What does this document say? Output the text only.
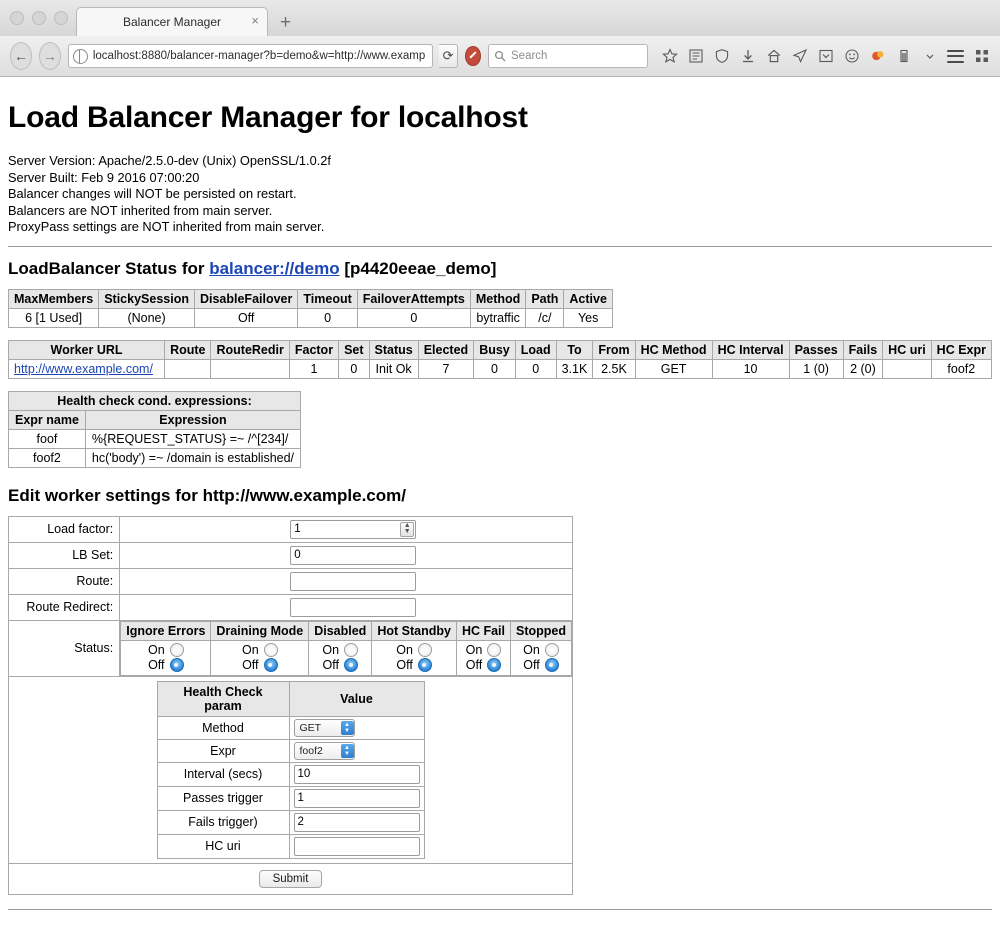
Balancer Manager × +
← →	localhost:8880/balancer-manager?b=demo&w=http://www.examp ⟳	Search
Load Balancer Manager for localhost
Server Version: Apache/2.5.0-dev (Unix) OpenSSL/1.0.2f
Server Built: Feb 9 2016 07:00:20
Balancer changes will NOT be persisted on restart.
Balancers are NOT inherited from main server.
ProxyPass settings are NOT inherited from main server.
LoadBalancer Status for balancer://demo [p4420eeae_demo]
MaxMembers	StickySession	DisableFailover	Timeout	FailoverAttempts	Method	Path	Active
6 [1 Used]	(None)	Off	0	0	bytraffic	/c/	Yes
Worker URL	Route	RouteRedir	Factor	Set	Status	Elected	Busy	Load	To	From	HC Method	HC Interval	Passes	Fails	HC uri	HC Expr
http://www.example.com/			1	0	Init Ok	7	0	0	3.1K	2.5K	GET	10	1 (0)	2 (0)		foof2
Health check cond. expressions:	
Expr name	Expression
foof	%{REQUEST_STATUS} =~ /^[234]/
foof2	hc('body') =~ /domain is established/
Edit worker settings for http://www.example.com/
Load factor:	1▲
▼

LB Set:	0
Route:	
Route Redirect:	
Status:	
Ignore Errors	Draining Mode	Disabled	Hot Standby	HC Fail	Stopped

On
Off

On
Off

On
Off

On
Off

On
Off

On
Off

Health Check param	Value
Method	GET	▲
▼

Expr	foof2	▲
▼

Interval (secs)	10
Passes trigger	1
Fails trigger)	2
HC uri	

Submit
